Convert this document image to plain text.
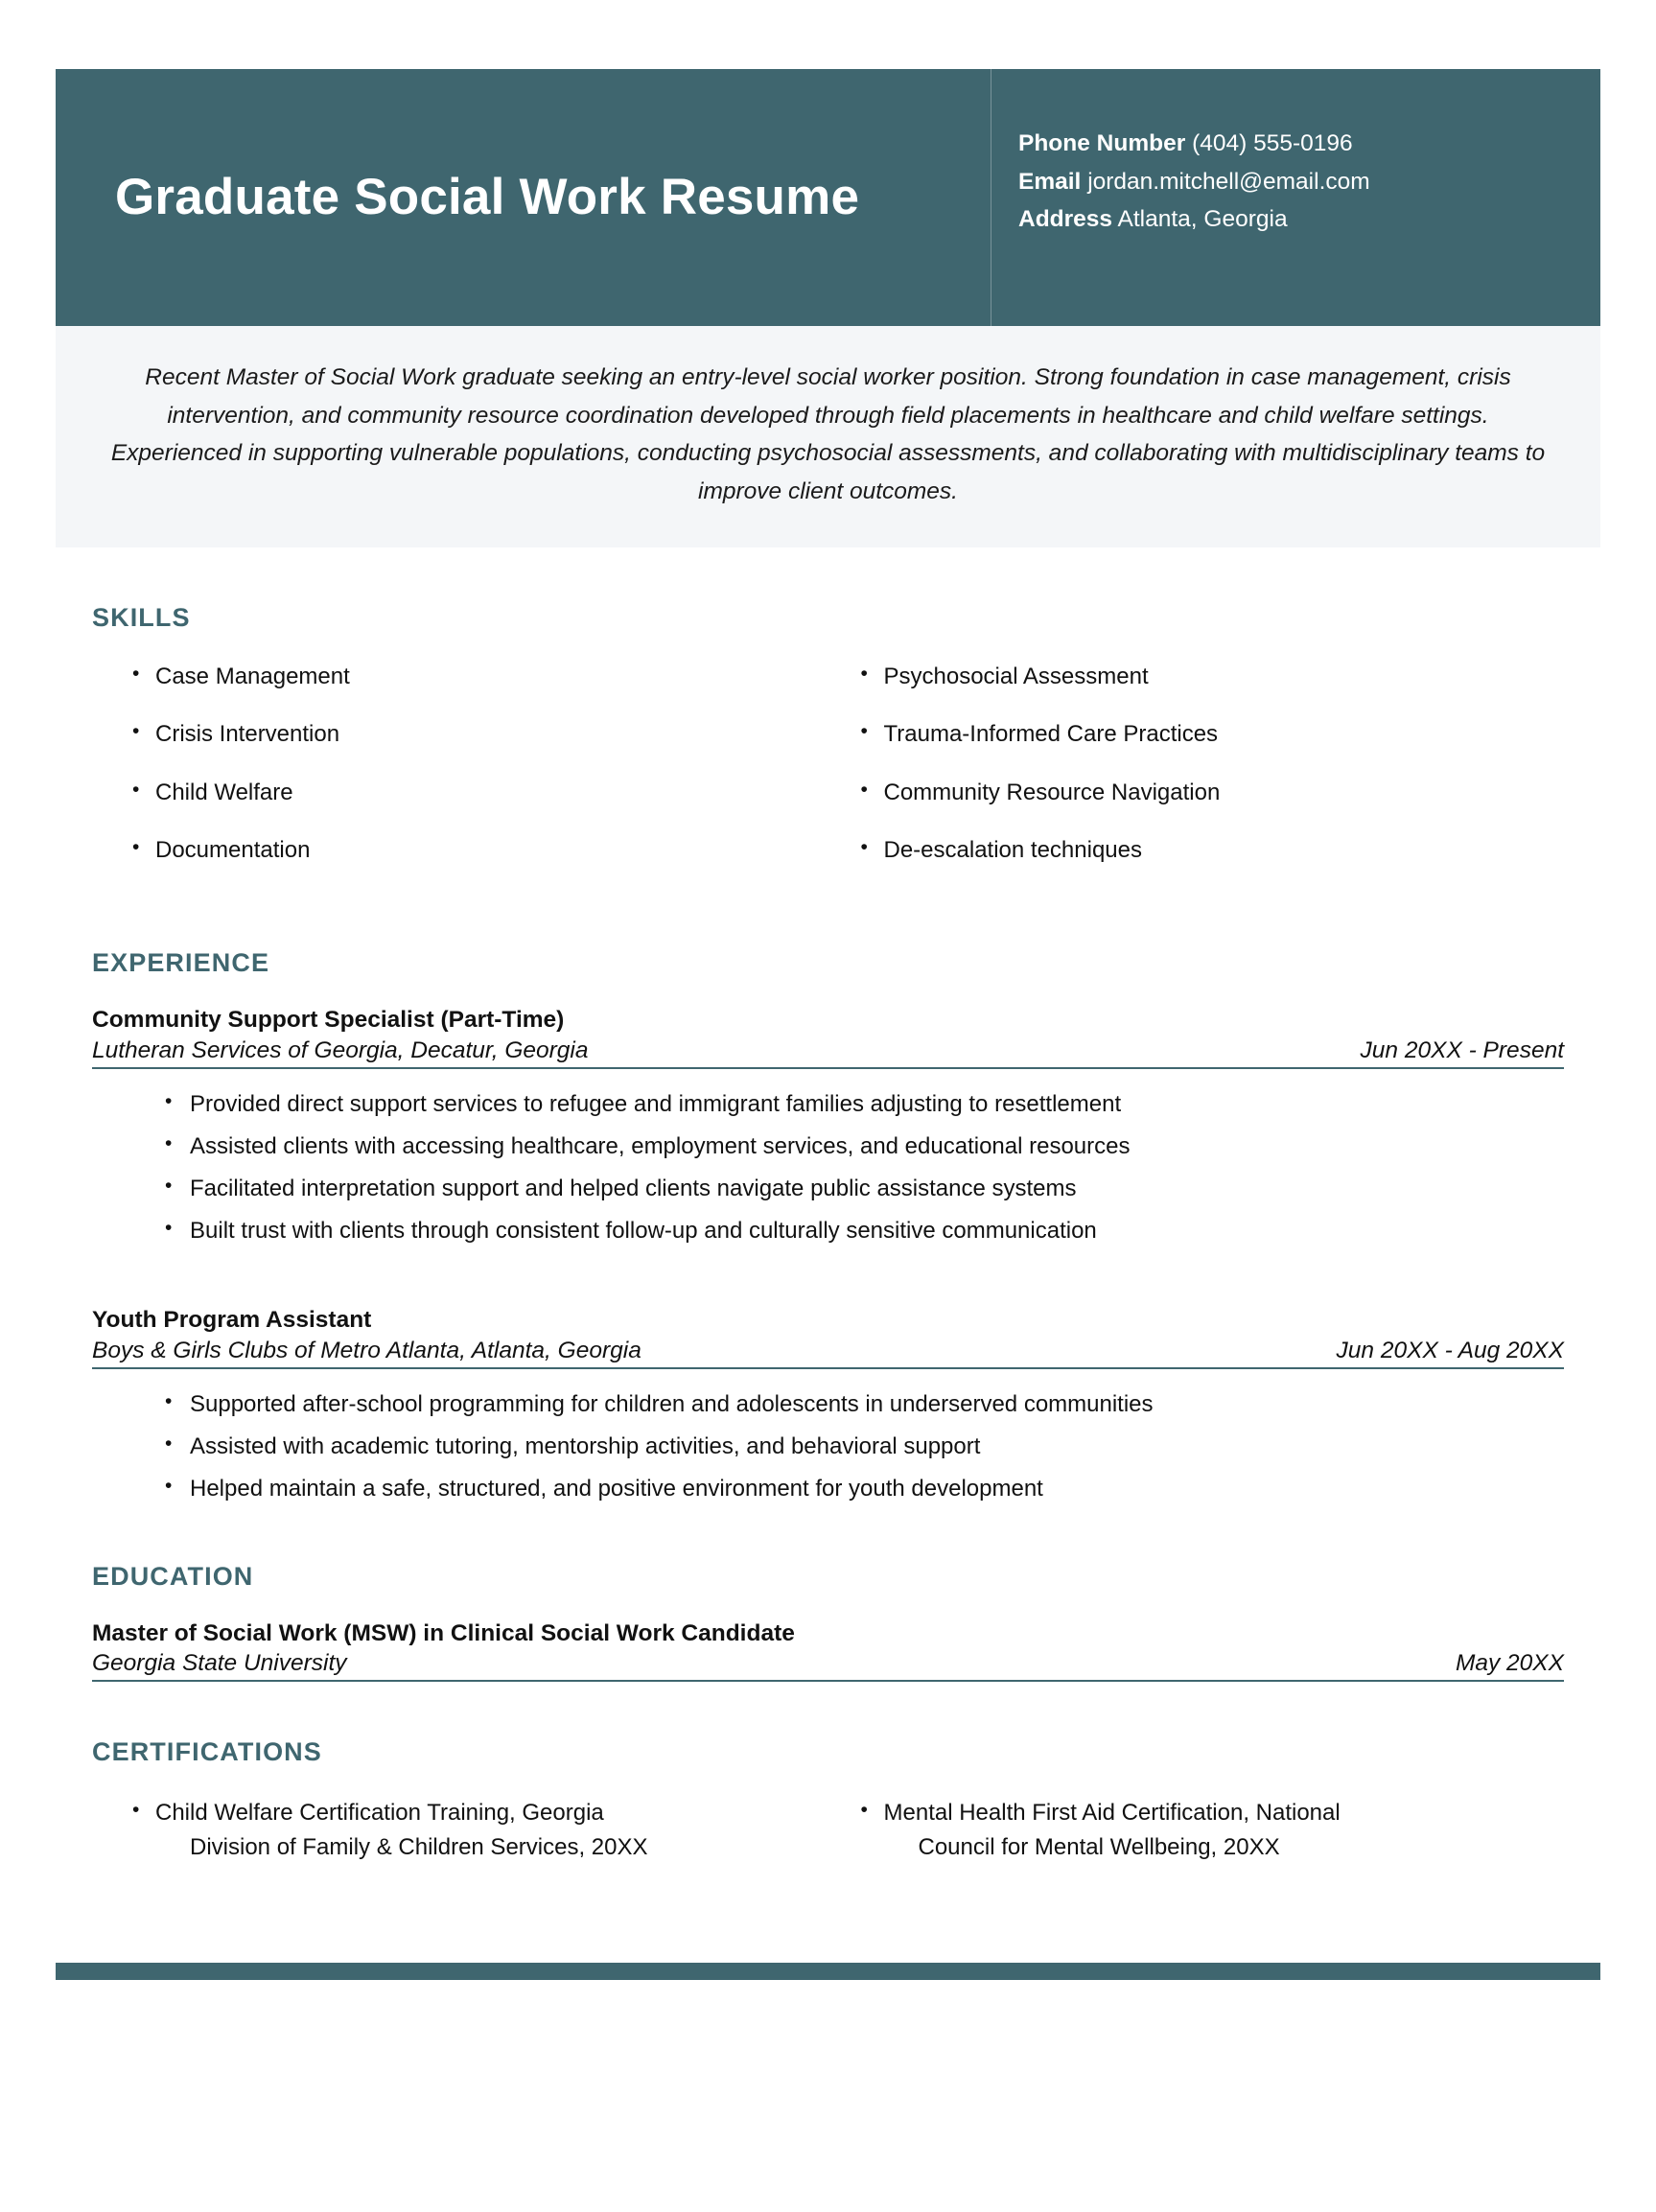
Graduate Social Work Resume
Phone Number (404) 555-0196
Email jordan.mitchell@email.com
Address Atlanta, Georgia
Recent Master of Social Work graduate seeking an entry-level social worker position. Strong foundation in case management, crisis intervention, and community resource coordination developed through field placements in healthcare and child welfare settings. Experienced in supporting vulnerable populations, conducting psychosocial assessments, and collaborating with multidisciplinary teams to improve client outcomes.
SKILLS
• Case Management
• Crisis Intervention
• Child Welfare
• Documentation
• Psychosocial Assessment
• Trauma-Informed Care Practices
• Community Resource Navigation
• De-escalation techniques
EXPERIENCE
Community Support Specialist (Part-Time)
Lutheran Services of Georgia, Decatur, Georgia	Jun 20XX - Present
• Provided direct support services to refugee and immigrant families adjusting to resettlement
• Assisted clients with accessing healthcare, employment services, and educational resources
• Facilitated interpretation support and helped clients navigate public assistance systems
• Built trust with clients through consistent follow-up and culturally sensitive communication
Youth Program Assistant
Boys & Girls Clubs of Metro Atlanta, Atlanta, Georgia	Jun 20XX - Aug 20XX
• Supported after-school programming for children and adolescents in underserved communities
• Assisted with academic tutoring, mentorship activities, and behavioral support
• Helped maintain a safe, structured, and positive environment for youth development
EDUCATION
Master of Social Work (MSW) in Clinical Social Work Candidate
Georgia State University	May 20XX
CERTIFICATIONS
• Child Welfare Certification Training, Georgia
Division of Family & Children Services, 20XX
• Mental Health First Aid Certification, National
Council for Mental Wellbeing, 20XX
